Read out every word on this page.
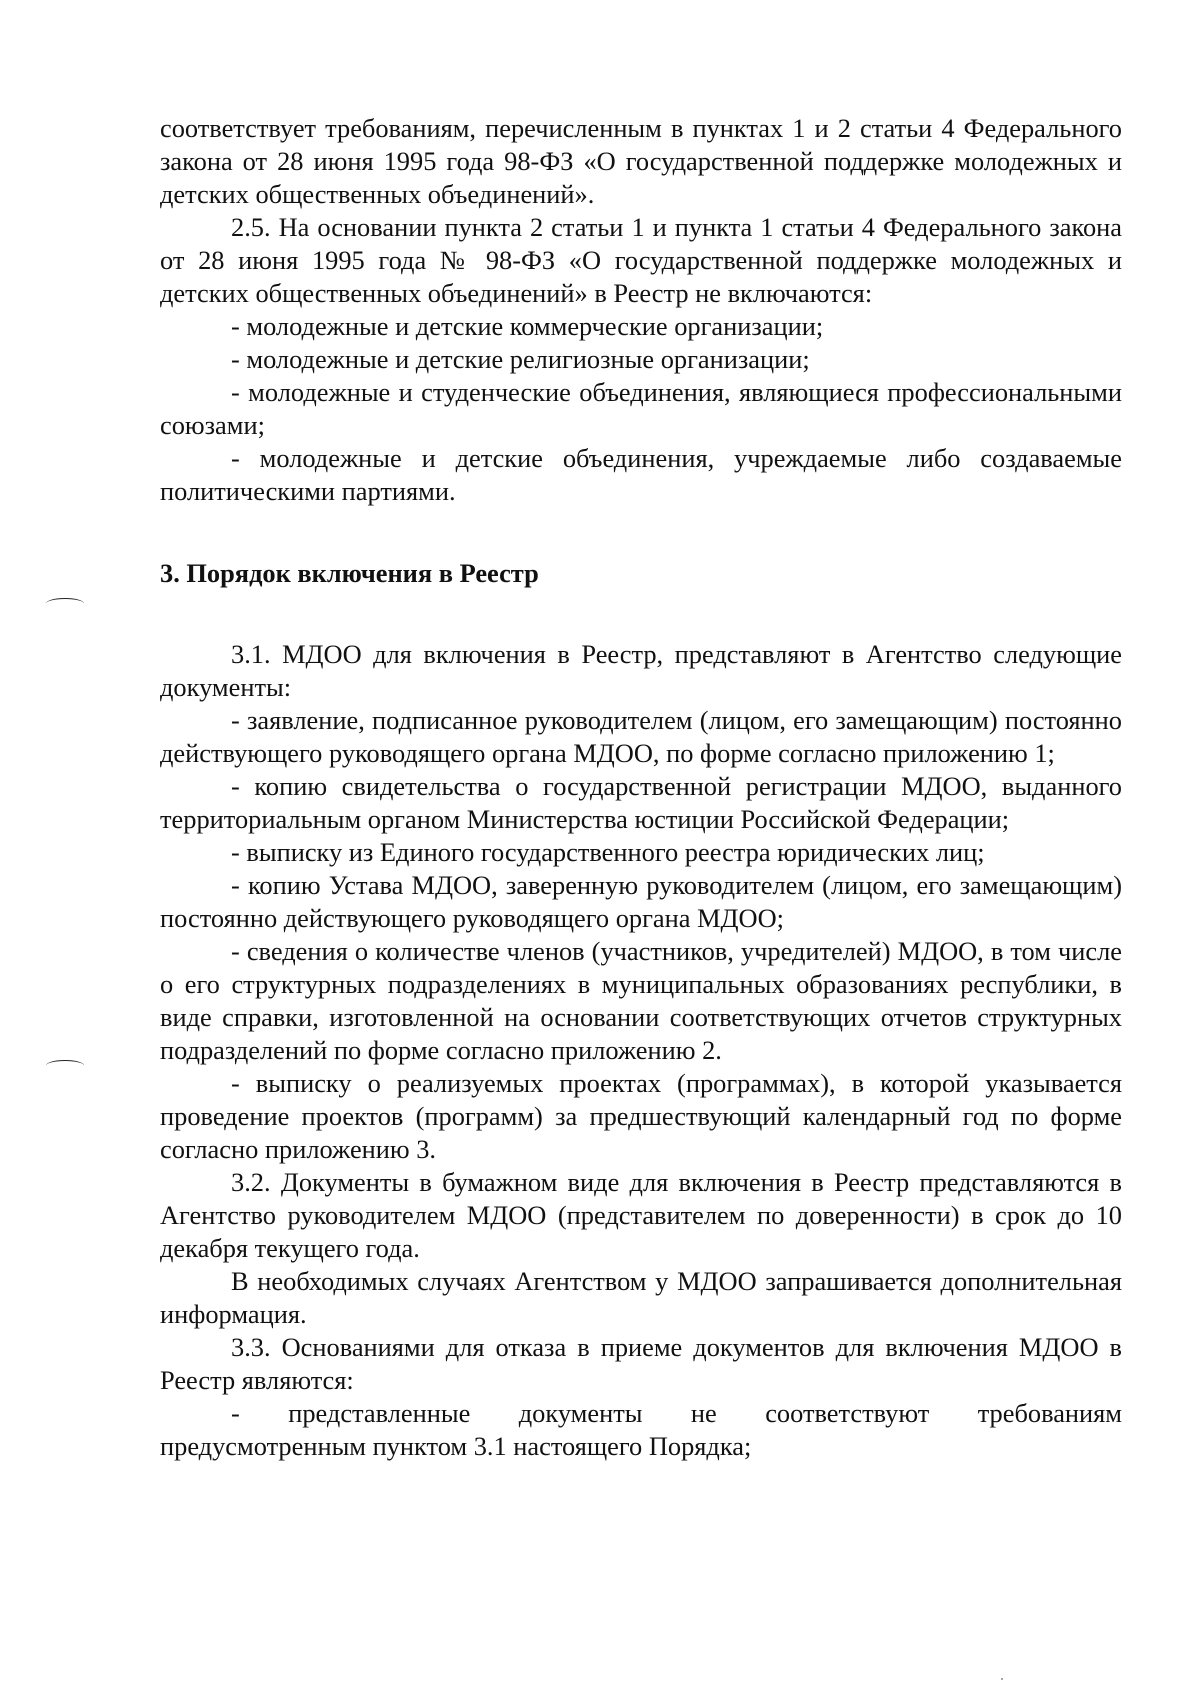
соответствует требованиям, перечисленным в пунктах 1 и 2 статьи 4 Федерального закона от 28 июня 1995 года 98-ФЗ «О государственной поддержке молодежных и детских общественных объединений».

2.5. На основании пункта 2 статьи 1 и пункта 1 статьи 4 Федерального закона от 28 июня 1995 года № 98-ФЗ «О государственной поддержке молодежных и детских общественных объединений» в Реестр не включаются:

- молодежные и детские коммерческие организации;

- молодежные и детские религиозные организации;

- молодежные и студенческие объединения, являющиеся профессиональными союзами;

- молодежные и детские объединения, учреждаемые либо создаваемые политическими партиями.

3. Порядок включения в Реестр

3.1. МДОО для включения в Реестр, представляют в Агентство следующие документы:

- заявление, подписанное руководителем (лицом, его замещающим) постоянно действующего руководящего органа МДОО, по форме согласно приложению 1;

- копию свидетельства о государственной регистрации МДОО, выданного территориальным органом Министерства юстиции Российской Федерации;

- выписку из Единого государственного реестра юридических лиц;

- копию Устава МДОО, заверенную руководителем (лицом, его замещающим) постоянно действующего руководящего органа МДОО;

- сведения о количестве членов (участников, учредителей) МДОО, в том числе о его структурных подразделениях в муниципальных образованиях республики, в виде справки, изготовленной на основании соответствующих отчетов структурных подразделений по форме согласно приложению 2.

- выписку о реализуемых проектах (программах), в которой указывается проведение проектов (программ) за предшествующий календарный год по форме согласно приложению 3.

3.2. Документы в бумажном виде для включения в Реестр представляются в Агентство руководителем МДОО (представителем по доверенности) в срок до 10 декабря текущего года.

В необходимых случаях Агентством у МДОО запрашивается дополнительная информация.

3.3. Основаниями для отказа в приеме документов для включения МДОО в Реестр являются:

- представленные документы не соответствуют требованиям предусмотренным пунктом 3.1 настоящего Порядка;
